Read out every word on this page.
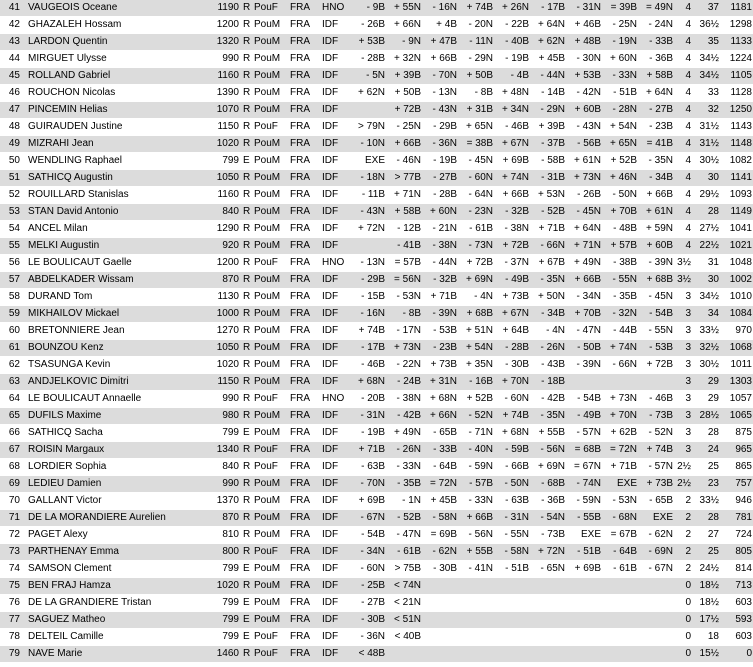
41	VAUGEOIS Oceane	1190	R	PouF	FRA	HNO	- 9B	+ 55N	- 16N	+ 74B	+ 26N	- 17B	- 31N	= 39B	= 49N	4	37	1181
42	GHAZALEH Hossam	1200	R	PouM	FRA	IDF	- 26B	+ 66N	+ 4B	- 20N	- 22B	+ 64N	+ 46B	- 25N	- 24N	4	36½	1298
43	LARDON Quentin	1320	R	PouM	FRA	IDF	+ 53B	- 9N	+ 47B	- 11N	- 40B	+ 62N	+ 48B	- 19N	- 33B	4	35	1133
44	MIRGUET Ulysse	990	R	PouM	FRA	IDF	- 28B	+ 32N	+ 66B	- 29N	- 19B	+ 45B	- 30N	+ 60N	- 36B	4	34½	1224
45	ROLLAND Gabriel	1160	R	PouM	FRA	IDF	- 5N	+ 39B	- 70N	+ 50B	- 4B	- 44N	+ 53B	- 33N	+ 58B	4	34½	1105
46	ROUCHON Nicolas	1390	R	PouM	FRA	IDF	+ 62N	+ 50B	- 13N	- 8B	+ 48N	- 14B	- 42N	- 51B	+ 64N	4	33	1128
47	PINCEMIN Helias	1070	R	PouM	FRA	IDF		+ 72B	- 43N	+ 31B	+ 34N	- 29N	+ 60B	- 28N	- 27B	4	32	1250
48	GUIRAUDEN Justine	1150	R	PouF	FRA	IDF	> 79N	- 25N	- 29B	+ 65N	- 46B	+ 39B	- 43N	+ 54N	- 23B	4	31½	1143
49	MIZRAHI Jean	1020	R	PouM	FRA	IDF	- 10N	+ 66B	- 36N	= 38B	+ 67N	- 37B	- 56B	+ 65N	= 41B	4	31½	1148
50	WENDLING Raphael	799	E	PouM	FRA	IDF	EXE	- 46N	- 19B	- 45N	+ 69B	- 58B	+ 61N	+ 52B	- 35N	4	30½	1082
51	SATHICQ Augustin	1050	R	PouM	FRA	IDF	- 18N	> 77B	- 27B	- 60N	+ 74N	- 31B	+ 73N	+ 46N	- 34B	4	30	1141
52	ROUILLARD Stanislas	1160	R	PouM	FRA	IDF	- 11B	+ 71N	- 28B	- 64N	+ 66B	+ 53N	- 26B	- 50N	+ 66B	4	29½	1093
53	STAN David Antonio	840	R	PouM	FRA	IDF	- 43N	+ 58B	+ 60N	- 23N	- 32B	- 52B	- 45N	+ 70B	+ 61N	4	28	1149
54	ANCEL Milan	1290	R	PouM	FRA	IDF	+ 72N	- 12B	- 21N	- 61B	- 38N	+ 71B	+ 64N	- 48B	+ 59N	4	27½	1041
55	MELKI Augustin	920	R	PouM	FRA	IDF		- 41B	- 38N	- 73N	+ 72B	- 66N	+ 71N	+ 57B	+ 60B	4	22½	1021
56	LE BOULICAUT Gaelle	1200	R	PouF	FRA	HNO	- 13N	= 57B	- 44N	+ 72B	- 37N	+ 67B	+ 49N	- 38B	- 39N	3½	31	1048
57	ABDELKADER Wissam	870	R	PouM	FRA	IDF	- 29B	= 56N	- 32B	+ 69N	- 49B	- 35N	+ 66B	- 55N	+ 68B	3½	30	1002
58	DURAND Tom	1130	R	PouM	FRA	IDF	- 15B	- 53N	+ 71B	- 4N	+ 73B	+ 50N	- 34N	- 35B	- 45N	3	34½	1010
59	MIKHAILOV Mickael	1000	R	PouM	FRA	IDF	- 16N	- 8B	- 39N	+ 68B	+ 67N	- 34B	+ 70B	- 32N	- 54B	3	34	1084
60	BRETONNIERE Jean	1270	R	PouM	FRA	IDF	+ 74B	- 17N	- 53B	+ 51N	+ 64B	- 4N	- 47N	- 44B	- 55N	3	33½	970
61	BOUNZOU Kenz	1050	R	PouM	FRA	IDF	- 17B	+ 73N	- 23B	+ 54N	- 28B	- 26N	- 50B	+ 74N	- 53B	3	32½	1068
62	TSASUNGA Kevin	1020	R	PouM	FRA	IDF	- 46B	- 22N	+ 73B	+ 35N	- 30B	- 43B	- 39N	- 66N	+ 72B	3	30½	1011
63	ANDJELKOVIC Dimitri	1150	R	PouM	FRA	IDF	+ 68N	- 24B	+ 31N	- 16B	+ 70N	- 18B				3	29	1303
64	LE BOULICAUT Annaelle	990	R	PouF	FRA	HNO	- 20B	- 38N	+ 68N	+ 52B	- 60N	- 42B	- 54B	+ 73N	- 46B	3	29	1057
65	DUFILS Maxime	980	R	PouM	FRA	IDF	- 31N	- 42B	+ 66N	- 52N	+ 74B	- 35N	- 49B	+ 70N	- 73B	3	28½	1065
66	SATHICQ Sacha	799	E	PouM	FRA	IDF	- 19B	+ 49N	- 65B	- 71N	+ 68N	+ 55B	- 57N	+ 62B	- 52N	3	28	875
67	ROISIN Margaux	1340	R	PouF	FRA	IDF	+ 71B	- 26N	- 33B	- 40N	- 59B	- 56N	= 68B	= 72N	+ 74B	3	24	965
68	LORDIER Sophia	840	R	PouF	FRA	IDF	- 63B	- 33N	- 64B	- 59N	- 66B	+ 69N	= 67N	+ 71B	- 57N	2½	25	865
69	LEDIEU Damien	990	R	PouM	FRA	IDF	- 70N	- 35B	= 72N	- 57B	- 50N	- 68B	- 74N	EXE	+ 73B	2½	23	757
70	GALLANT Victor	1370	R	PouM	FRA	IDF	+ 69B	- 1N	+ 45B	- 33N	- 63B	- 36B	- 59N	- 53N	- 65B	2	33½	946
71	DE LA MORANDIERE Aurelien	870	R	PouM	FRA	IDF	- 67N	- 52B	- 58N	+ 66B	- 31N	- 54N	- 55B	- 68N	EXE	2	28	781
72	PAGET Alexy	810	R	PouM	FRA	IDF	- 54B	- 47N	= 69B	- 56N	- 55N	- 73B	EXE	= 67B	- 62N	2	27	724
73	PARTHENAY Emma	800	R	PouF	FRA	IDF	- 34N	- 61B	- 62N	+ 55B	- 58N	+ 72N	- 51B	- 64B	- 69N	2	25	805
74	SAMSON Clement	799	E	PouM	FRA	IDF	- 60N	> 75B	- 30B	- 41N	- 51B	- 65N	+ 69B	- 61B	- 67N	2	24½	814
75	BEN FRAJ Hamza	1020	R	PouM	FRA	IDF	- 25B	< 74N								0	18½	713
76	DE LA GRANDIERE Tristan	799	E	PouM	FRA	IDF	- 27B	< 21N								0	18½	603
77	SAGUEZ Matheo	799	E	PouM	FRA	IDF	- 30B	< 51N								0	17½	593
78	DELTEIL Camille	799	E	PouF	FRA	IDF	- 36N	< 40B								0	18	603
79	NAVE Marie	1460	R	PouF	FRA	IDF	< 48B									0	15½	0
